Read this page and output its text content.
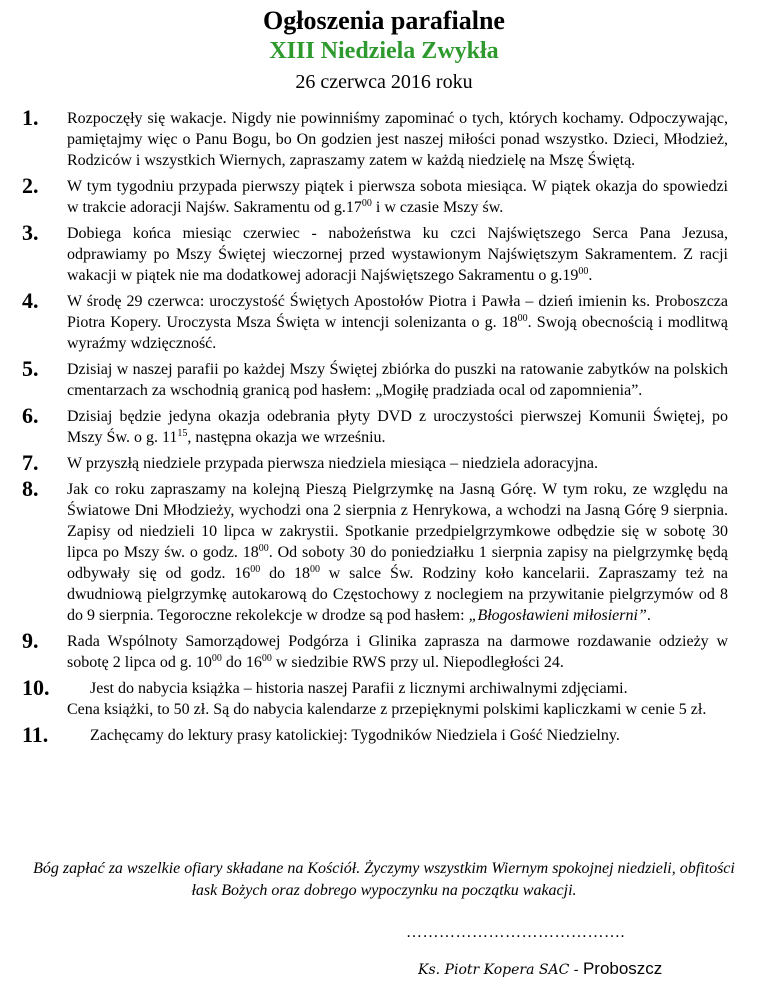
Ogłoszenia parafialne
XIII Niedziela Zwykła
26 czerwca 2016 roku
1. Rozpoczęły się wakacje. Nigdy nie powinniśmy zapominać o tych, których kochamy. Odpoczywając, pamiętajmy więc o Panu Bogu, bo On godzien jest naszej miłości ponad wszystko. Dzieci, Młodzież, Rodziców i wszystkich Wiernych, zapraszamy zatem w każdą niedzielę na Mszę Świętą.
2. W tym tygodniu przypada pierwszy piątek i pierwsza sobota miesiąca. W piątek okazja do spowiedzi w trakcie adoracji Najśw. Sakramentu od $g.17^{00}$ i w czasie Mszy św.
3. Dobiega końca miesiąc czerwiec - nabożeństwa ku czci Najświętszego Serca Pana Jezusa, odprawiamy po Mszy Świętej wieczornej przed wystawionym Najświętszym Sakramentem. Z racji wakacji w piątek nie ma dodatkowej adoracji Najświętszego Sakramentu o $g.19^{00}$.
4. W środę 29 czerwca: uroczystość Świętych Apostołów Piotra i Pawła – dzień imienin ks. Proboszcza Piotra Kopery. Uroczysta Msza Święta w intencji solenizanta o g. $18^{00}$. Swoją obecnością i modlitwą wyraźmy wdzięczność.
5. Dzisiaj w naszej parafii po każdej Mszy Świętej zbiórka do puszki na ratowanie zabytków na polskich cmentarzach za wschodnią granicą pod hasłem: „Mogiłę pradziada ocal od zapomnienia”.
6. Dzisiaj będzie jedyna okazja odebrania płyty DVD z uroczystości pierwszej Komunii Świętej, po Mszy Św. o g. $11^{15}$, następna okazja we wrześniu.
7. W przyszłą niedziele przypada pierwsza niedziela miesiąca – niedziela adoracyjna.
8. Jak co roku zapraszamy na kolejną Pieszą Pielgrzymkę na Jasną Górę. W tym roku, ze względu na Światowe Dni Młodzieży, wychodzi ona 2 sierpnia z Henrykowa, a wchodzi na Jasną Górę 9 sierpnia. Zapisy od niedzieli 10 lipca w zakrystii. Spotkanie przedpielgrzymkowe odbędzie się w sobotę 30 lipca po Mszy św. o godz. $18^{00}$. Od soboty 30 do poniedziałku 1 sierpnia zapisy na pielgrzymkę będą odbywały się od godz. $16^{00}$ do $18^{00}$ w salce Św. Rodziny koło kancelarii. Zapraszamy też na dwudniową pielgrzymkę autokarową do Częstochowy z noclegiem na przywitanie pielgrzymów od 8 do 9 sierpnia. Tegoroczne rekolekcje w drodze są pod hasłem: „Błogosławieni miłosierni”.
9. Rada Wspólnoty Samorządowej Podgórza i Glinika zaprasza na darmowe rozdawanie odzieży w sobotę 2 lipca od g. $10^{00}$ do $16^{00}$ w siedzibie RWS przy ul. Niepodległości 24.
10.	Jest do nabycia książka – historia naszej Parafii z licznymi archiwalnymi zdjęciami.
Cena książki, to 50 zł. Są do nabycia kalendarze z przepięknymi polskimi kapliczkami w cenie 5 zł.
11.	Zachęcamy do lektury prasy katolickiej: Tygodników Niedziela i Gość Niedzielny.
Bóg zapłać za wszelkie ofiary składane na Kościół. Życzymy wszystkim Wiernym spokojnej niedzieli, obfitości łask Bożych oraz dobrego wypoczynku na początku wakacji.
………………………………….
Ks. Piotr Kopera SAC - Proboszcz
